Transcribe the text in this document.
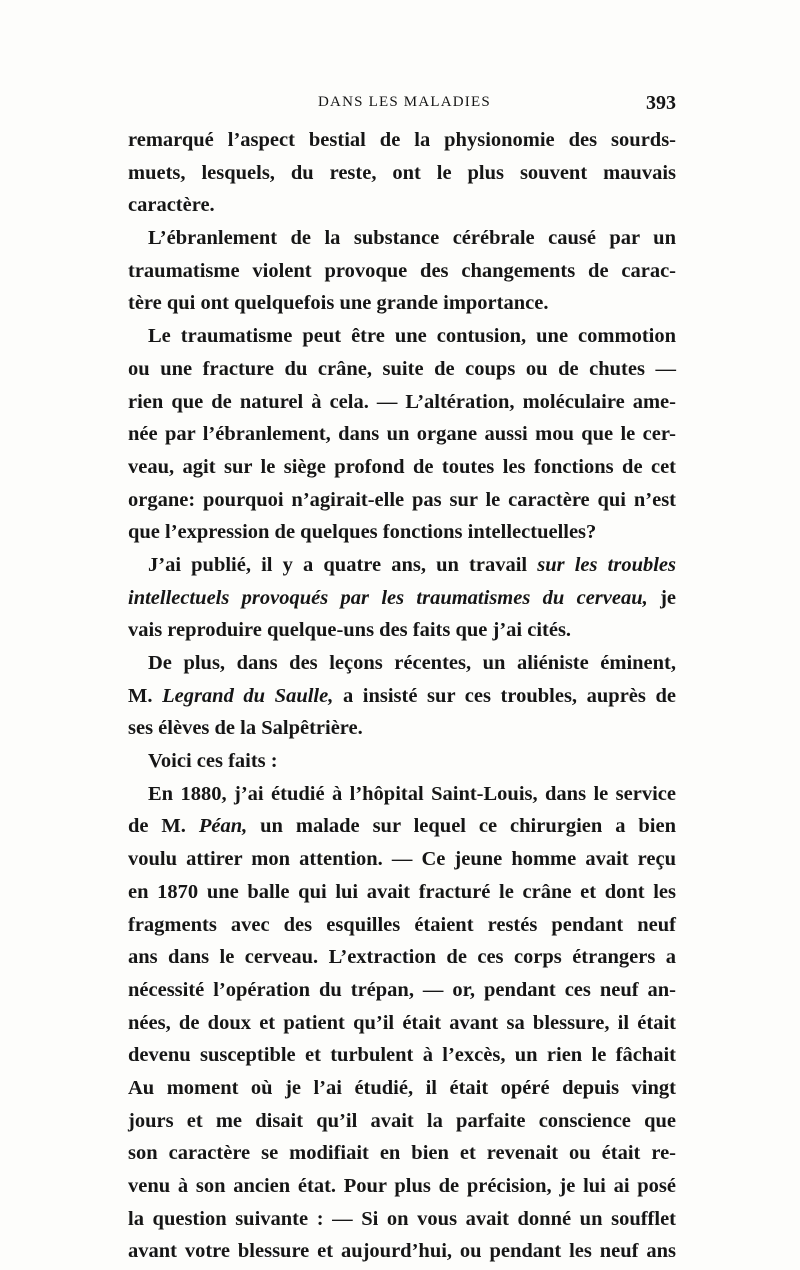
DANS LES MALADIES	393
remarqué l’aspect bestial de la physionomie des sourds-
muets, lesquels, du reste, ont le plus souvent mauvais
caractère.
L’ébranlement de la substance cérébrale causé par un
traumatisme violent provoque des changements de carac-
tère qui ont quelquefois une grande importance.
Le traumatisme peut être une contusion, une commotion
ou une fracture du crâne, suite de coups ou de chutes —
rien que de naturel à cela. — L’altération, moléculaire ame-
née par l’ébranlement, dans un organe aussi mou que le cer-
veau, agit sur le siège profond de toutes les fonctions de cet
organe: pourquoi n’agirait-elle pas sur le caractère qui n’est
que l’expression de quelques fonctions intellectuelles?
J’ai publié, il y a quatre ans, un travail sur les troubles
intellectuels provoqués par les traumatismes du cerveau, je
vais reproduire quelque-uns des faits que j’ai cités.
De plus, dans des leçons récentes, un aliéniste éminent,
M. Legrand du Saulle, a insisté sur ces troubles, auprès de
ses élèves de la Salpêtrière.
Voici ces faits :
En 1880, j’ai étudié à l’hôpital Saint-Louis, dans le service
de M. Péan, un malade sur lequel ce chirurgien a bien
voulu attirer mon attention. — Ce jeune homme avait reçu
en 1870 une balle qui lui avait fracturé le crâne et dont les
fragments avec des esquilles étaient restés pendant neuf
ans dans le cerveau. L’extraction de ces corps étrangers a
nécessité l’opération du trépan, — or, pendant ces neuf an-
nées, de doux et patient qu’il était avant sa blessure, il était
devenu susceptible et turbulent à l’excès, un rien le fâchait
Au moment où je l’ai étudié, il était opéré depuis vingt
jours et me disait qu’il avait la parfaite conscience que
son caractère se modifiait en bien et revenait ou était re-
venu à son ancien état. Pour plus de précision, je lui ai posé
la question suivante : — Si on vous avait donné un soufflet
avant votre blessure et aujourd’hui, ou pendant les neuf ans
